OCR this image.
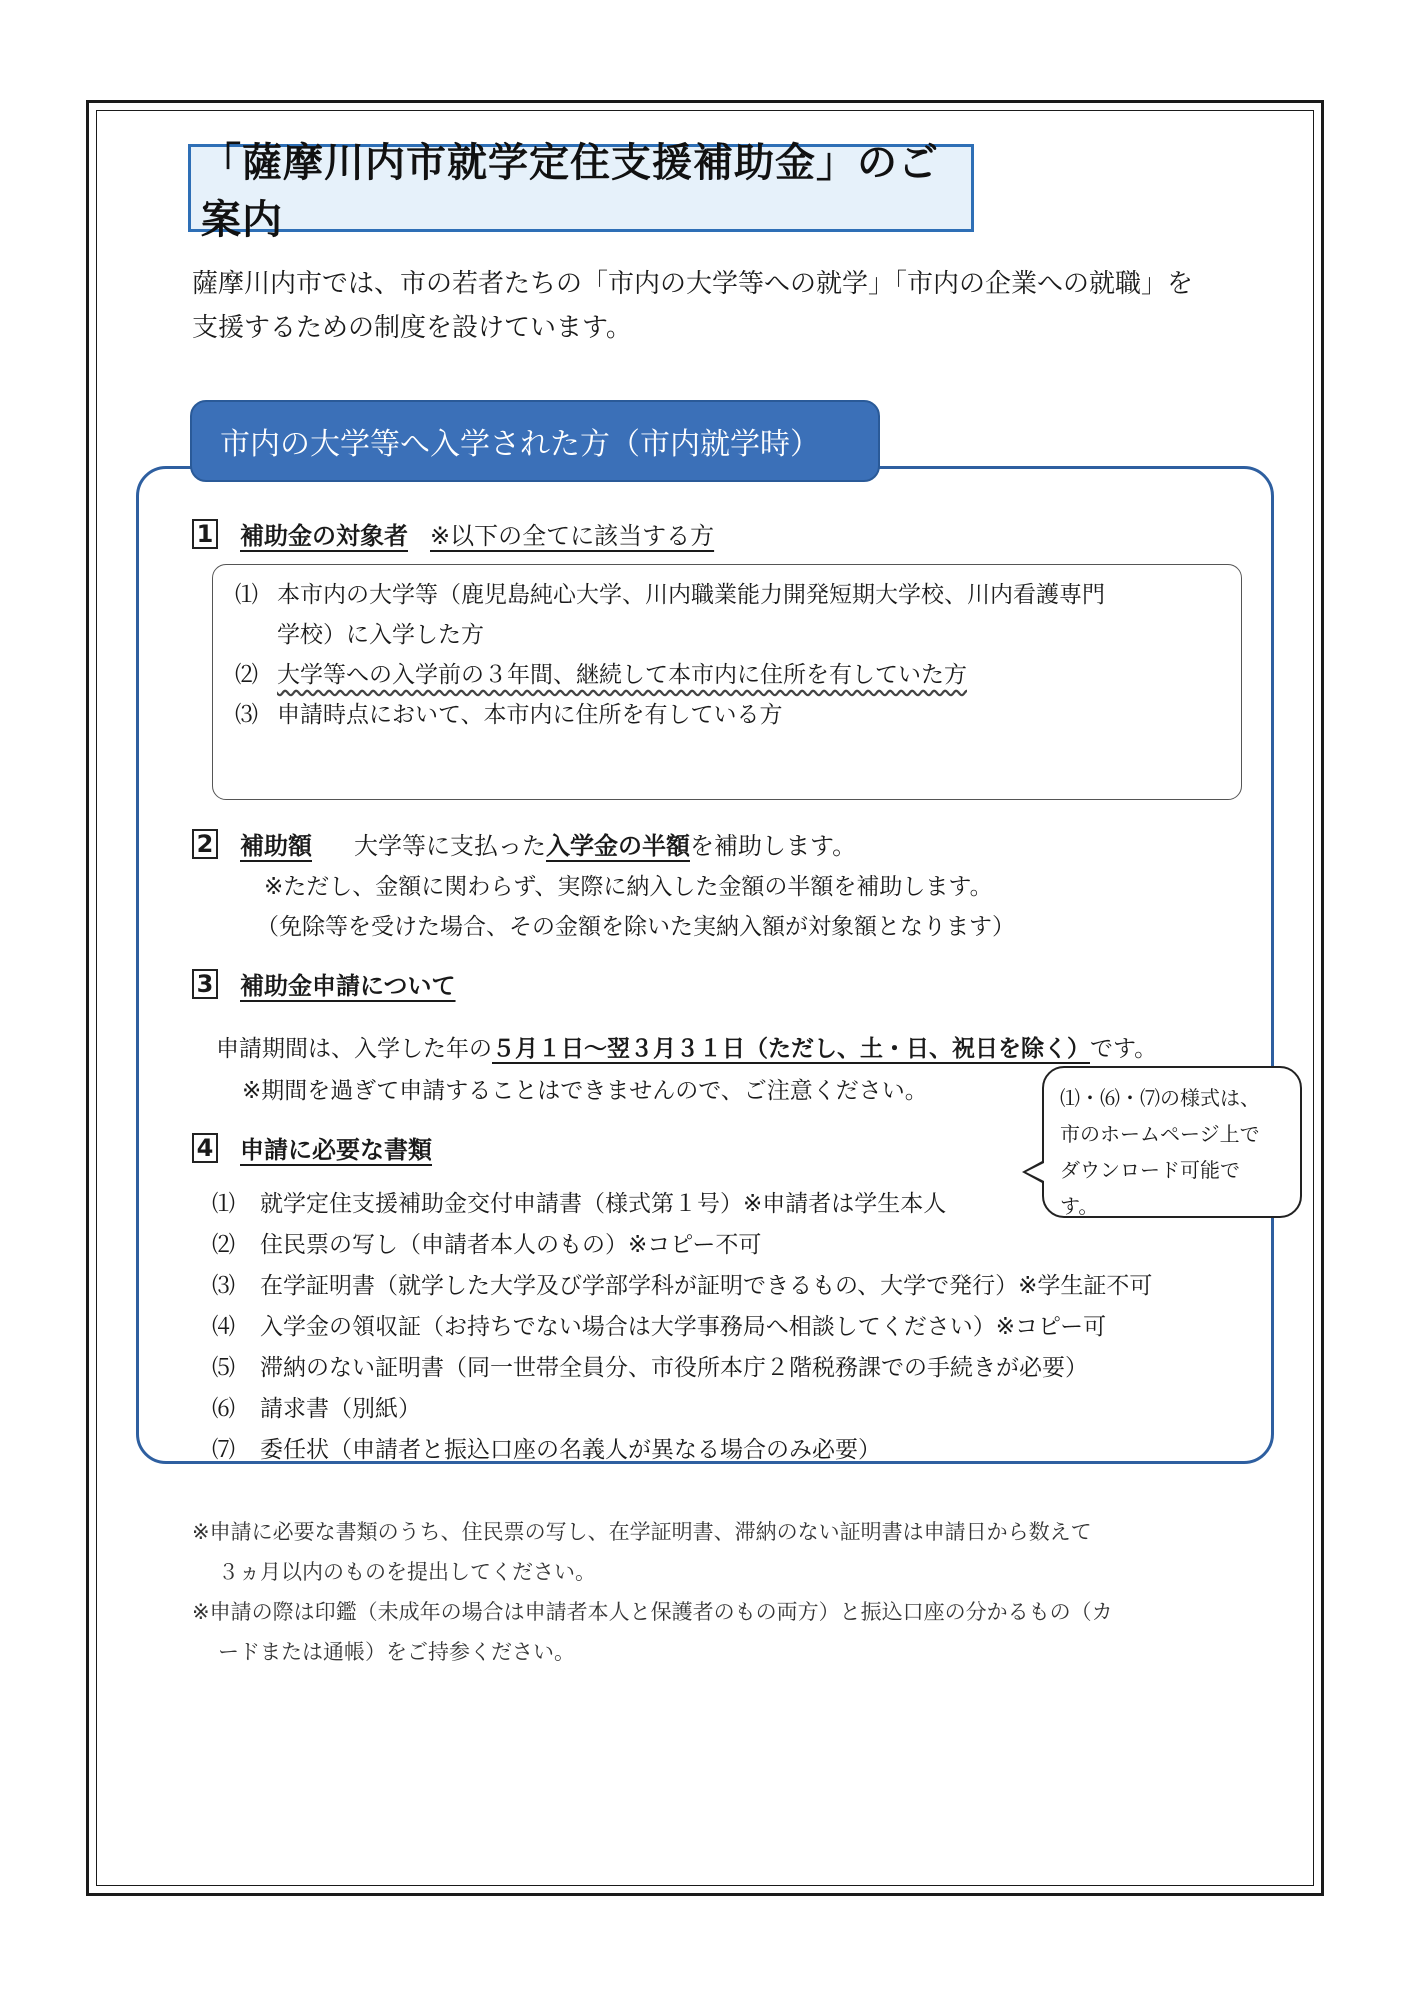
「薩摩川内市就学定住支援補助金」のご案内
薩摩川内市では、市の若者たちの「市内の大学等への就学」「市内の企業への就職」を
支援するための制度を設けています。
市内の大学等へ入学された方（市内就学時）
1 補助金の対象者 ※以下の全てに該当する方
⑴ 本市内の大学等（鹿児島純心大学、川内職業能力開発短期大学校、川内看護専門
学校）に入学した方
⑵ 大学等への入学前の３年間、継続して本市内に住所を有していた方
⑶ 申請時点において、本市内に住所を有している方
2 補助額	大学等に支払った入学金の半額を補助します。
※ただし、金額に関わらず、実際に納入した金額の半額を補助します。
（免除等を受けた場合、その金額を除いた実納入額が対象額となります）
3 補助金申請について
申請期間は、入学した年の５月１日～翌３月３１日（ただし、土・日、祝日を除く）です。
※期間を過ぎて申請することはできませんので、ご注意ください。
4 申請に必要な書類
⑴	就学定住支援補助金交付申請書（様式第１号）※申請者は学生本人
⑵	住民票の写し（申請者本人のもの）※コピー不可
⑶	在学証明書（就学した大学及び学部学科が証明できるもの、大学で発行）※学生証不可
⑷	入学金の領収証（お持ちでない場合は大学事務局へ相談してください）※コピー可
⑸	滞納のない証明書（同一世帯全員分、市役所本庁２階税務課での手続きが必要）
⑹	請求書（別紙）
⑺	委任状（申請者と振込口座の名義人が異なる場合のみ必要）
⑴・⑹・⑺の様式は、
市のホームページ上で
ダウンロード可能で
す。
※申請に必要な書類のうち、住民票の写し、在学証明書、滞納のない証明書は申請日から数えて
３ヵ月以内のものを提出してください。
※申請の際は印鑑（未成年の場合は申請者本人と保護者のもの両方）と振込口座の分かるもの（カ
ードまたは通帳）をご持参ください。
